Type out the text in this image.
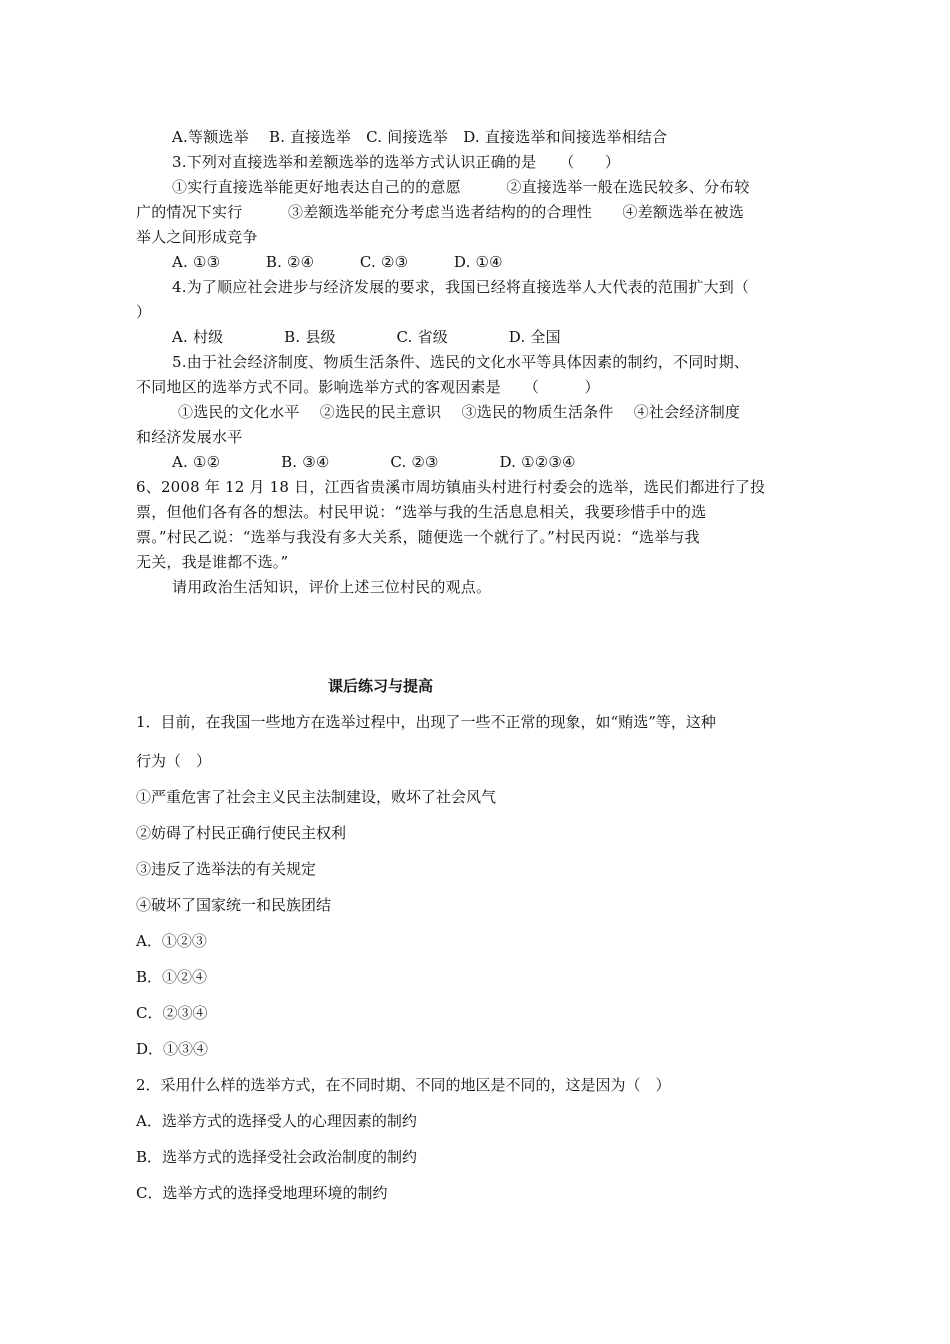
A.等额选举　 B. 直接选举　C. 间接选举　D. 直接选举和间接选举相结合
3.下列对直接选举和差额选举的选举方式认识正确的是　　（　　）
①实行直接选举能更好地表达自己的的意愿　　　②直接选举一般在选民较多、分布较
广的情况下实行　　　③差额选举能充分考虑当选者结构的的合理性　　④差额选举在被选
举人之间形成竞争
A. ①③　　　B. ②④　　　C. ②③　　　D. ①④
4.为了顺应社会进步与经济发展的要求，我国已经将直接选举人大代表的范围扩大到（
）
A. 村级　　　　B. 县级　　　　C. 省级　　　　D. 全国
5.由于社会经济制度、物质生活条件、选民的文化水平等具体因素的制约，不同时期、
不同地区的选举方式不同。影响选举方式的客观因素是　　（　　　）
①选民的文化水平　 ②选民的民主意识　 ③选民的物质生活条件　 ④社会经济制度
和经济发展水平
A. ①②　　　　B. ③④　　　　C. ②③　　　　D. ①②③④
6、2008 年 12 月 18 日，江西省贵溪市周坊镇庙头村进行村委会的选举，选民们都进行了投
票，但他们各有各的想法。村民甲说：“选举与我的生活息息相关，我要珍惜手中的选
票。”村民乙说：“选举与我没有多大关系，随便选一个就行了。”村民丙说：“选举与我
无关，我是谁都不选。”
请用政治生活知识，评价上述三位村民的观点。
课后练习与提高
1．目前，在我国一些地方在选举过程中，出现了一些不正常的现象，如“贿选”等，这种
行为（　）
①严重危害了社会主义民主法制建设，败坏了社会风气
②妨碍了村民正确行使民主权利
③违反了选举法的有关规定
④破坏了国家统一和民族团结
A．①②③
B．①②④
C．②③④
D．①③④
2．采用什么样的选举方式，在不同时期、不同的地区是不同的，这是因为（　）
A．选举方式的选择受人的心理因素的制约
B．选举方式的选择受社会政治制度的制约
C．选举方式的选择受地理环境的制约
